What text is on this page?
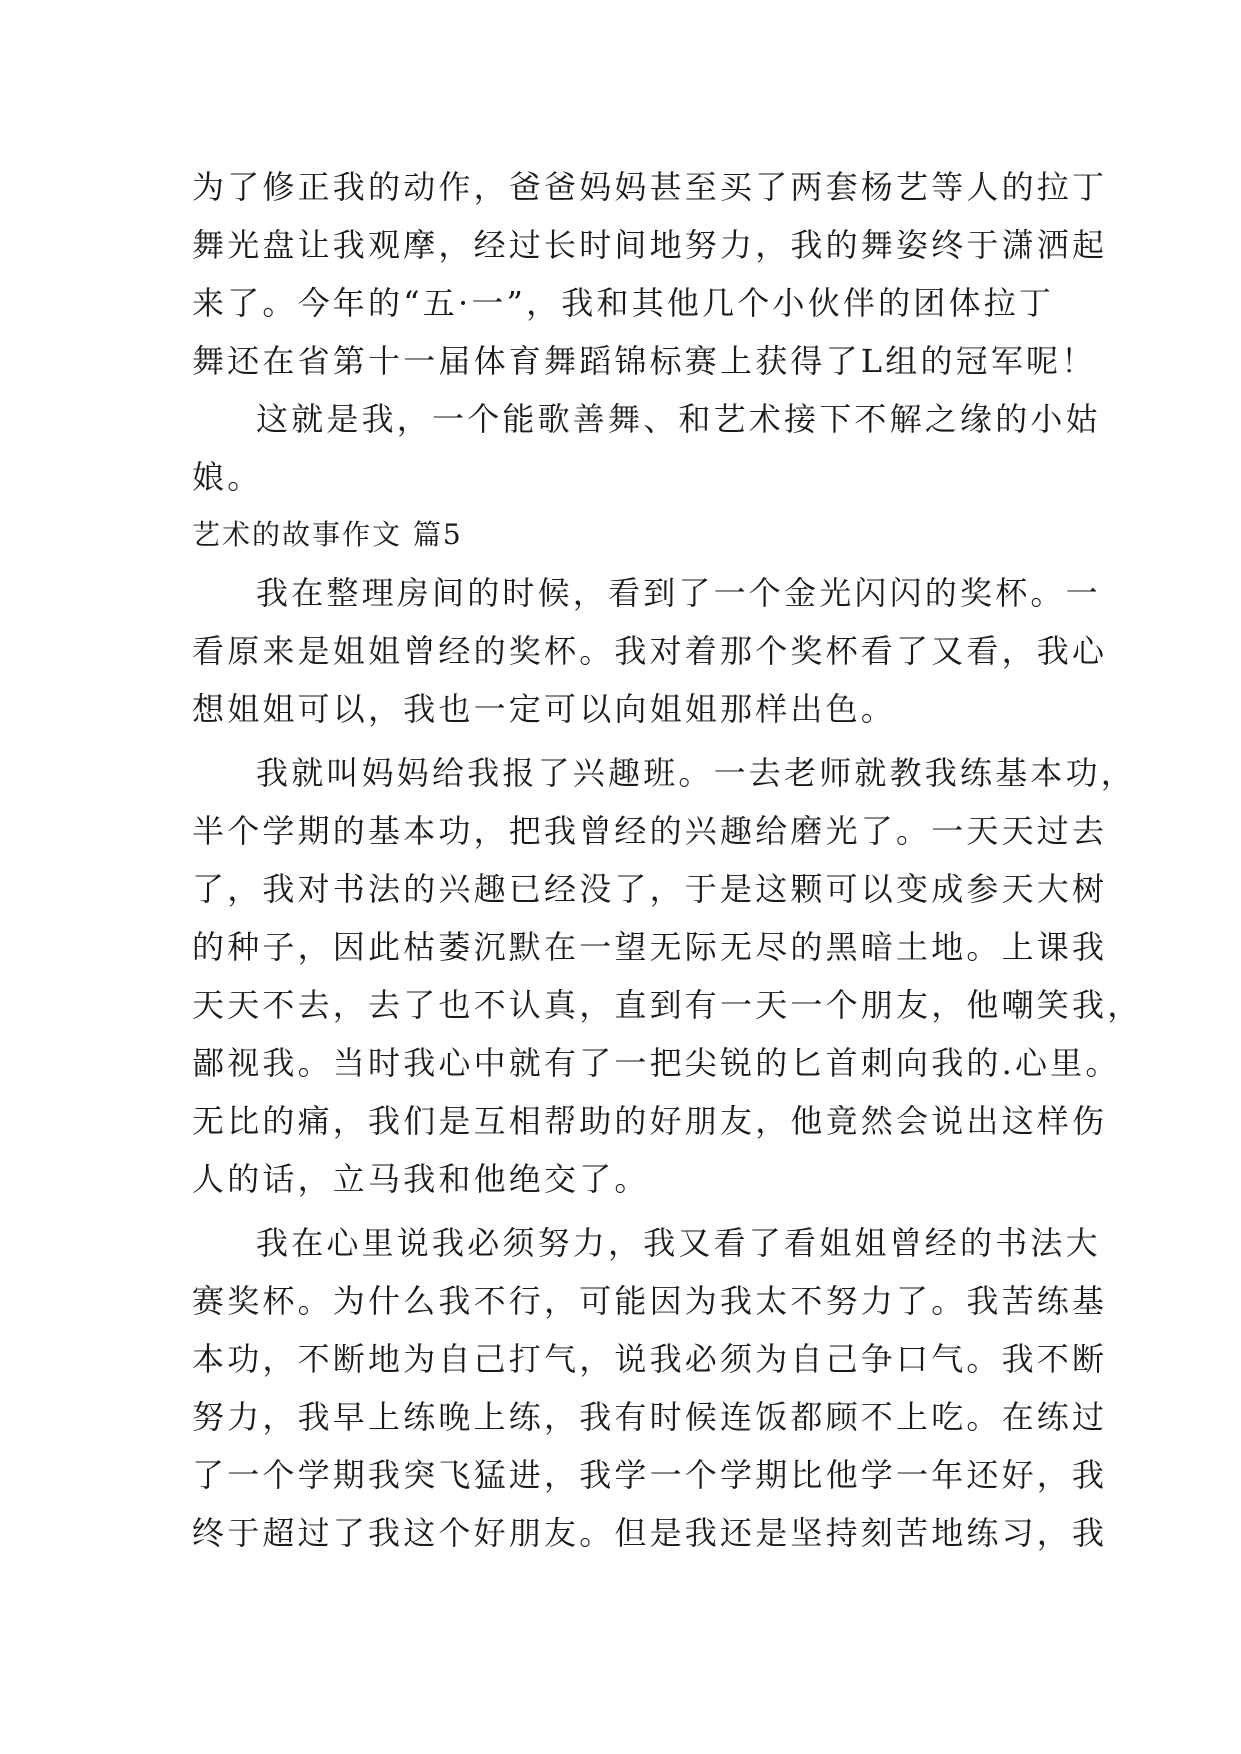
为了修正我的动作，爸爸妈妈甚至买了两套杨艺等人的拉丁
舞光盘让我观摩，经过长时间地努力，我的舞姿终于潇洒起
来了。今年的“五·一”，我和其他几个小伙伴的团体拉丁
舞还在省第十一届体育舞蹈锦标赛上获得了L组的冠军呢！
这就是我，一个能歌善舞、和艺术接下不解之缘的小姑
娘。
艺术的故事作文 篇5
我在整理房间的时候，看到了一个金光闪闪的奖杯。一
看原来是姐姐曾经的奖杯。我对着那个奖杯看了又看，我心
想姐姐可以，我也一定可以向姐姐那样出色。
我就叫妈妈给我报了兴趣班。一去老师就教我练基本功，
半个学期的基本功，把我曾经的兴趣给磨光了。一天天过去
了，我对书法的兴趣已经没了，于是这颗可以变成参天大树
的种子，因此枯萎沉默在一望无际无尽的黑暗土地。上课我
天天不去，去了也不认真，直到有一天一个朋友，他嘲笑我，
鄙视我。当时我心中就有了一把尖锐的匕首刺向我的.心里。
无比的痛，我们是互相帮助的好朋友，他竟然会说出这样伤
人的话，立马我和他绝交了。
我在心里说我必须努力，我又看了看姐姐曾经的书法大
赛奖杯。为什么我不行，可能因为我太不努力了。我苦练基
本功，不断地为自己打气，说我必须为自己争口气。我不断
努力，我早上练晚上练，我有时候连饭都顾不上吃。在练过
了一个学期我突飞猛进，我学一个学期比他学一年还好，我
终于超过了我这个好朋友。但是我还是坚持刻苦地练习，我
